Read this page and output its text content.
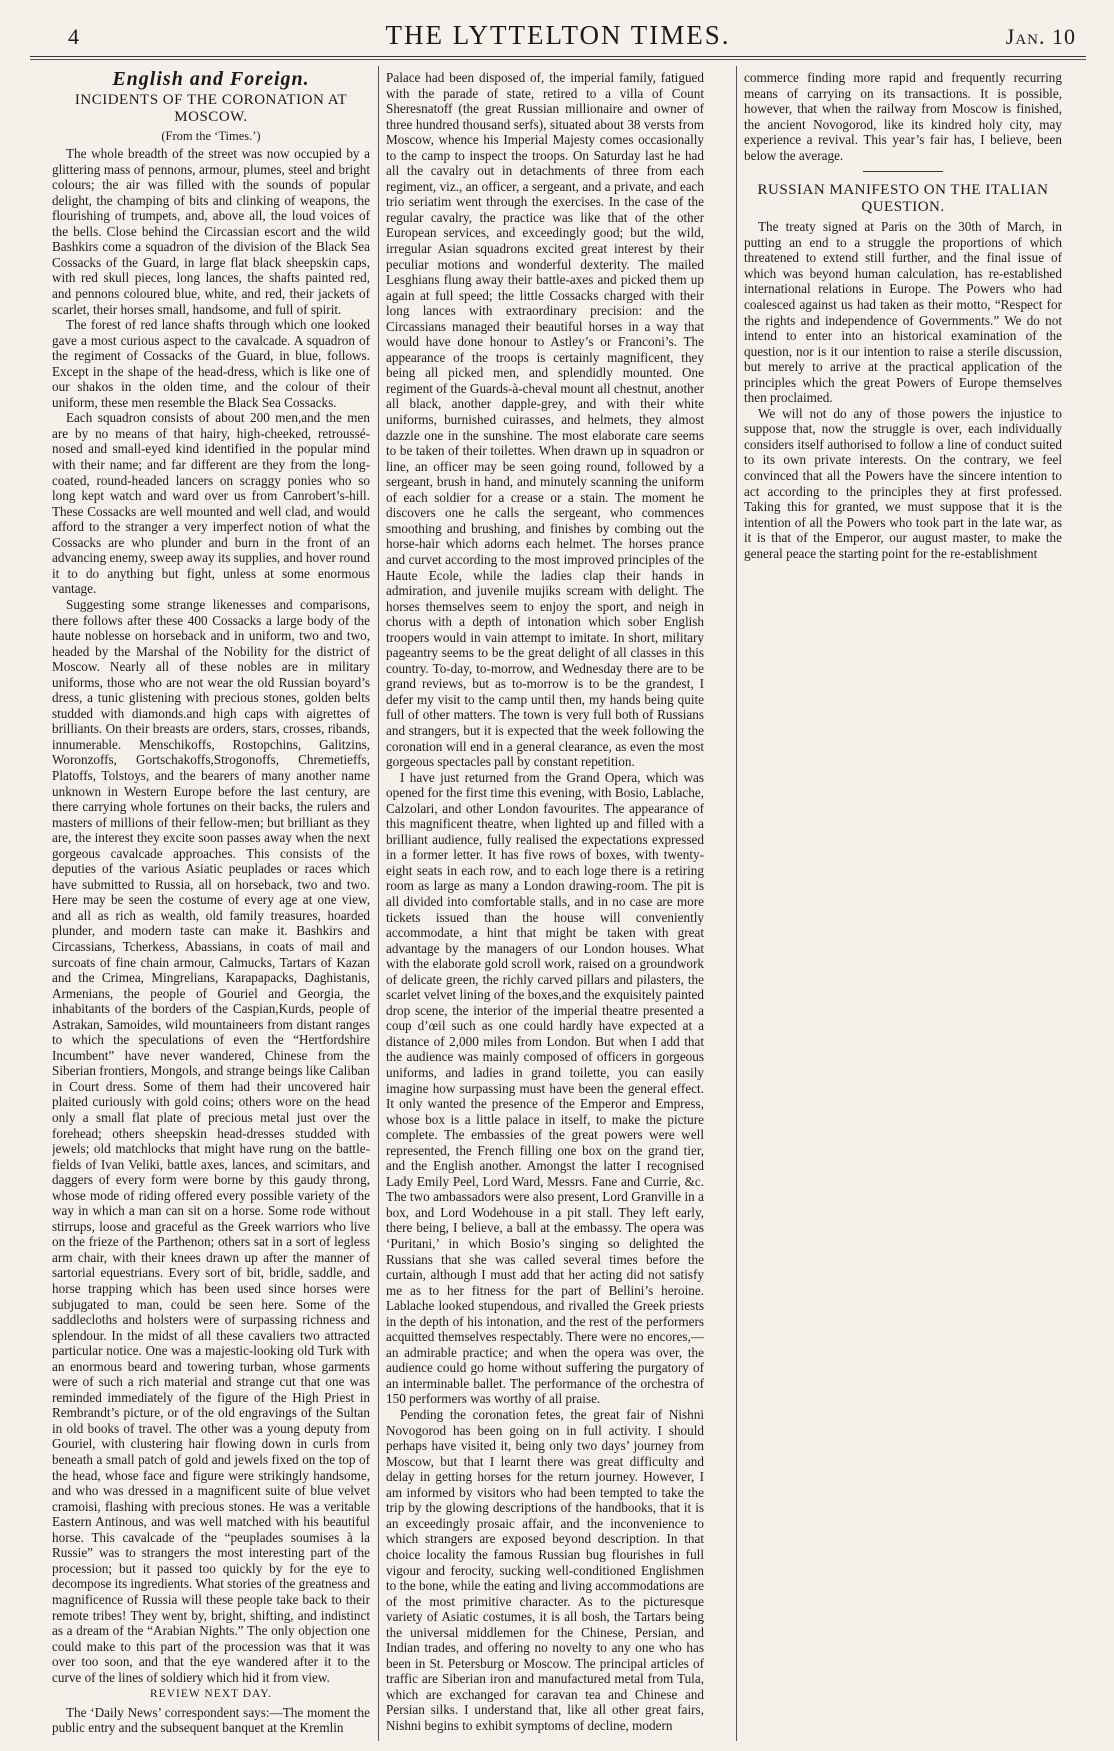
4	THE LYTTELTON TIMES.	Jan. 10
English and Foreign.
INCIDENTS OF THE CORONATION AT MOSCOW.
(From the ‘Times.’)

The whole breadth of the street was now occupied by a glittering mass of pennons, armour, plumes, steel and bright colours; the air was filled with the sounds of popular delight, the champing of bits and clinking of weapons, the flourishing of trumpets, and, above all, the loud voices of the bells. Close behind the Circassian escort and the wild Bashkirs come a squadron of the division of the Black Sea Cossacks of the Guard, in large flat black sheepskin caps, with red skull pieces, long lances, the shafts painted red, and pennons coloured blue, white, and red, their jackets of scarlet, their horses small, handsome, and full of spirit.

The forest of red lance shafts through which one looked gave a most curious aspect to the cavalcade. A squadron of the regiment of Cossacks of the Guard, in blue, follows. Except in the shape of the head-dress, which is like one of our shakos in the olden time, and the colour of their uniform, these men resemble the Black Sea Cossacks.

Each squadron consists of about 200 men,and the men are by no means of that hairy, high-cheeked, retroussé-nosed and small-eyed kind identified in the popular mind with their name; and far different are they from the long-coated, round-headed lancers on scraggy ponies who so long kept watch and ward over us from Canrobert’s-hill. These Cossacks are well mounted and well clad, and would afford to the stranger a very imperfect notion of what the Cossacks are who plunder and burn in the front of an advancing enemy, sweep away its supplies, and hover round it to do anything but fight, unless at some enormous vantage.

Suggesting some strange likenesses and comparisons, there follows after these 400 Cossacks a large body of the haute noblesse on horseback and in uniform, two and two, headed by the Marshal of the Nobility for the district of Moscow. Nearly all of these nobles are in military uniforms, those who are not wear the old Russian boyard’s dress, a tunic glistening with precious stones, golden belts studded with diamonds.and high caps with aigrettes of brilliants. On their breasts are orders, stars, crosses, ribands, innumerable. Menschikoffs, Rostopchins, Galitzins, Woronzoffs, Gortschakoffs,Strogonoffs, Chremetieffs, Platoffs, Tolstoys, and the bearers of many another name unknown in Western Europe before the last century, are there carrying whole fortunes on their backs, the rulers and masters of millions of their fellow-men; but brilliant as they are, the interest they excite soon passes away when the next gorgeous cavalcade approaches. This consists of the deputies of the various Asiatic peuplades or races which have submitted to Russia, all on horseback, two and two. Here may be seen the costume of every age at one view, and all as rich as wealth, old family treasures, hoarded plunder, and modern taste can make it. Bashkirs and Circassians, Tcherkess, Abassians, in coats of mail and surcoats of fine chain armour, Calmucks, Tartars of Kazan and the Crimea, Mingrelians, Karapapacks, Daghistanis, Armenians, the people of Gouriel and Georgia, the inhabitants of the borders of the Caspian,Kurds, people of Astrakan, Samoides, wild mountaineers from distant ranges to which the speculations of even the “Hertfordshire Incumbent” have never wandered, Chinese from the Siberian frontiers, Mongols, and strange beings like Caliban in Court dress. Some of them had their uncovered hair plaited curiously with gold coins; others wore on the head only a small flat plate of precious metal just over the forehead; others sheepskin head-dresses studded with jewels; old matchlocks that might have rung on the battle-fields of Ivan Veliki, battle axes, lances, and scimitars, and daggers of every form were borne by this gaudy throng, whose mode of riding offered every possible variety of the way in which a man can sit on a horse. Some rode without stirrups, loose and graceful as the Greek warriors who live on the frieze of the Parthenon; others sat in a sort of legless arm chair, with their knees drawn up after the manner of sartorial equestrians. Every sort of bit, bridle, saddle, and horse trapping which has been used since horses were subjugated to man, could be seen here. Some of the saddlecloths and holsters were of surpassing richness and splendour. In the midst of all these cavaliers two attracted particular notice. One was a majestic-looking old Turk with an enormous beard and towering turban, whose garments were of such a rich material and strange cut that one was reminded immediately of the figure of the High Priest in Rembrandt’s picture, or of the old engravings of the Sultan in old books of travel. The other was a young deputy from Gouriel, with clustering hair flowing down in curls from beneath a small patch of gold and jewels fixed on the top of the head, whose face and figure were strikingly handsome, and who was dressed in a magnificent suite of blue velvet cramoisi, flashing with precious stones. He was a veritable Eastern Antinous, and was well matched with his beautiful horse. This cavalcade of the “peuplades soumises à la Russie” was to strangers the most interesting part of the procession; but it passed too quickly by for the eye to decompose its ingredients. What stories of the greatness and magnificence of Russia will these people take back to their remote tribes! They went by, bright, shifting, and indistinct as a dream of the “Arabian Nights.” The only objection one could make to this part of the procession was that it was over too soon, and that the eye wandered after it to the curve of the lines of soldiery which hid it from view.

REVIEW NEXT DAY.

The ‘Daily News’ correspondent says:—The moment the public entry and the subsequent banquet at the Kremlin

Palace had been disposed of, the imperial family, fatigued with the parade of state, retired to a villa of Count Sheresnatoff (the great Russian millionaire and owner of three hundred thousand serfs), situated about 38 versts from Moscow, whence his Imperial Majesty comes occasionally to the camp to inspect the troops. On Saturday last he had all the cavalry out in detachments of three from each regiment, viz., an officer, a sergeant, and a private, and each trio seriatim went through the exercises. In the case of the regular cavalry, the practice was like that of the other European services, and exceedingly good; but the wild, irregular Asian squadrons excited great interest by their peculiar motions and wonderful dexterity. The mailed Lesghians flung away their battle-axes and picked them up again at full speed; the little Cossacks charged with their long lances with extraordinary precision: and the Circassians managed their beautiful horses in a way that would have done honour to Astley’s or Franconi’s. The appearance of the troops is certainly magnificent, they being all picked men, and splendidly mounted. One regiment of the Guards-à-cheval mount all chestnut, another all black, another dapple-grey, and with their white uniforms, burnished cuirasses, and helmets, they almost dazzle one in the sunshine. The most elaborate care seems to be taken of their toilettes. When drawn up in squadron or line, an officer may be seen going round, followed by a sergeant, brush in hand, and minutely scanning the uniform of each soldier for a crease or a stain. The moment he discovers one he calls the sergeant, who commences smoothing and brushing, and finishes by combing out the horse-hair which adorns each helmet. The horses prance and curvet according to the most improved principles of the Haute Ecole, while the ladies clap their hands in admiration, and juvenile mujiks scream with delight. The horses themselves seem to enjoy the sport, and neigh in chorus with a depth of intonation which sober English troopers would in vain attempt to imitate. In short, military pageantry seems to be the great delight of all classes in this country. To-day, to-morrow, and Wednesday there are to be grand reviews, but as to-morrow is to be the grandest, I defer my visit to the camp until then, my hands being quite full of other matters. The town is very full both of Russians and strangers, but it is expected that the week following the coronation will end in a general clearance, as even the most gorgeous spectacles pall by constant repetition.

I have just returned from the Grand Opera, which was opened for the first time this evening, with Bosio, Lablache, Calzolari, and other London favourites. The appearance of this magnificent theatre, when lighted up and filled with a brilliant audience, fully realised the expectations expressed in a former letter. It has five rows of boxes, with twenty-eight seats in each row, and to each loge there is a retiring room as large as many a London drawing-room. The pit is all divided into comfortable stalls, and in no case are more tickets issued than the house will conveniently accommodate, a hint that might be taken with great advantage by the managers of our London houses. What with the elaborate gold scroll work, raised on a groundwork of delicate green, the richly carved pillars and pilasters, the scarlet velvet lining of the boxes,and the exquisitely painted drop scene, the interior of the imperial theatre presented a coup d’œil such as one could hardly have expected at a distance of 2,000 miles from London. But when I add that the audience was mainly composed of officers in gorgeous uniforms, and ladies in grand toilette, you can easily imagine how surpassing must have been the general effect. It only wanted the presence of the Emperor and Empress, whose box is a little palace in itself, to make the picture complete. The embassies of the great powers were well represented, the French filling one box on the grand tier, and the English another. Amongst the latter I recognised Lady Emily Peel, Lord Ward, Messrs. Fane and Currie, &c. The two ambassadors were also present, Lord Granville in a box, and Lord Wodehouse in a pit stall. They left early, there being, I believe, a ball at the embassy. The opera was ‘Puritani,’ in which Bosio’s singing so delighted the Russians that she was called several times before the curtain, although I must add that her acting did not satisfy me as to her fitness for the part of Bellini’s heroine. Lablache looked stupendous, and rivalled the Greek priests in the depth of his intonation, and the rest of the performers acquitted themselves respectably. There were no encores,—an admirable practice; and when the opera was over, the audience could go home without suffering the purgatory of an interminable ballet. The performance of the orchestra of 150 performers was worthy of all praise.

Pending the coronation fetes, the great fair of Nishni Novogorod has been going on in full activity. I should perhaps have visited it, being only two days’ journey from Moscow, but that I learnt there was great difficulty and delay in getting horses for the return journey. However, I am informed by visitors who had been tempted to take the trip by the glowing descriptions of the handbooks, that it is an exceedingly prosaic affair, and the inconvenience to which strangers are exposed beyond description. In that choice locality the famous Russian bug flourishes in full vigour and ferocity, sucking well-conditioned Englishmen to the bone, while the eating and living accommodations are of the most primitive character. As to the picturesque variety of Asiatic costumes, it is all bosh, the Tartars being the universal middlemen for the Chinese, Persian, and Indian trades, and offering no novelty to any one who has been in St. Petersburg or Moscow. The principal articles of traffic are Siberian iron and manufactured metal from Tula, which are exchanged for caravan tea and Chinese and Persian silks. I understand that, like all other great fairs, Nishni begins to exhibit symptoms of decline, modern

commerce finding more rapid and frequently recurring means of carrying on its transactions. It is possible, however, that when the railway from Moscow is finished, the ancient Novogorod, like its kindred holy city, may experience a revival. This year’s fair has, I believe, been below the average.

RUSSIAN MANIFESTO ON THE ITALIAN QUESTION.

The treaty signed at Paris on the 30th of March, in putting an end to a struggle the proportions of which threatened to extend still further, and the final issue of which was beyond human calculation, has re-established international relations in Europe. The Powers who had coalesced against us had taken as their motto, “Respect for the rights and independence of Governments.” We do not intend to enter into an historical examination of the question, nor is it our intention to raise a sterile discussion, but merely to arrive at the practical application of the principles which the great Powers of Europe themselves then proclaimed.

We will not do any of those powers the injustice to suppose that, now the struggle is over, each individually considers itself authorised to follow a line of conduct suited to its own private interests. On the contrary, we feel convinced that all the Powers have the sincere intention to act according to the principles they at first professed. Taking this for granted, we must suppose that it is the intention of all the Powers who took part in the late war, as it is that of the Emperor, our august master, to make the general peace the starting point for the re-establishment
